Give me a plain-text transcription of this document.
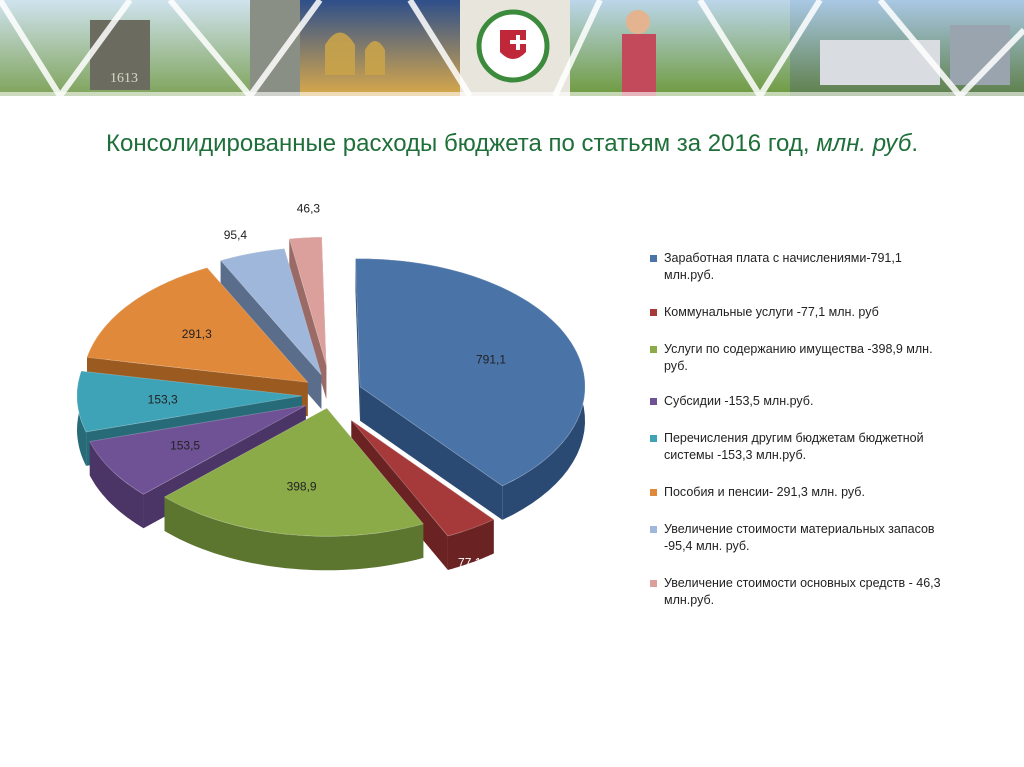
1613
Консолидированные расходы бюджета по статьям за 2016 год, млн. руб.
791,1
77,1
398,9
153,5
153,3
291,3
95,4
46,3
Заработная плата с начислениями-791,1 млн.руб.
Коммунальные услуги -77,1 млн. руб
Услуги по содержанию имущества -398,9 млн. руб.
Субсидии -153,5 млн.руб.
Перечисления другим бюджетам бюджетной системы -153,3 млн.руб.
Пособия и пенсии- 291,3 млн. руб.
Увеличение стоимости материальных запасов -95,4 млн. руб.
Увеличение стоимости основных средств - 46,3 млн.руб.
